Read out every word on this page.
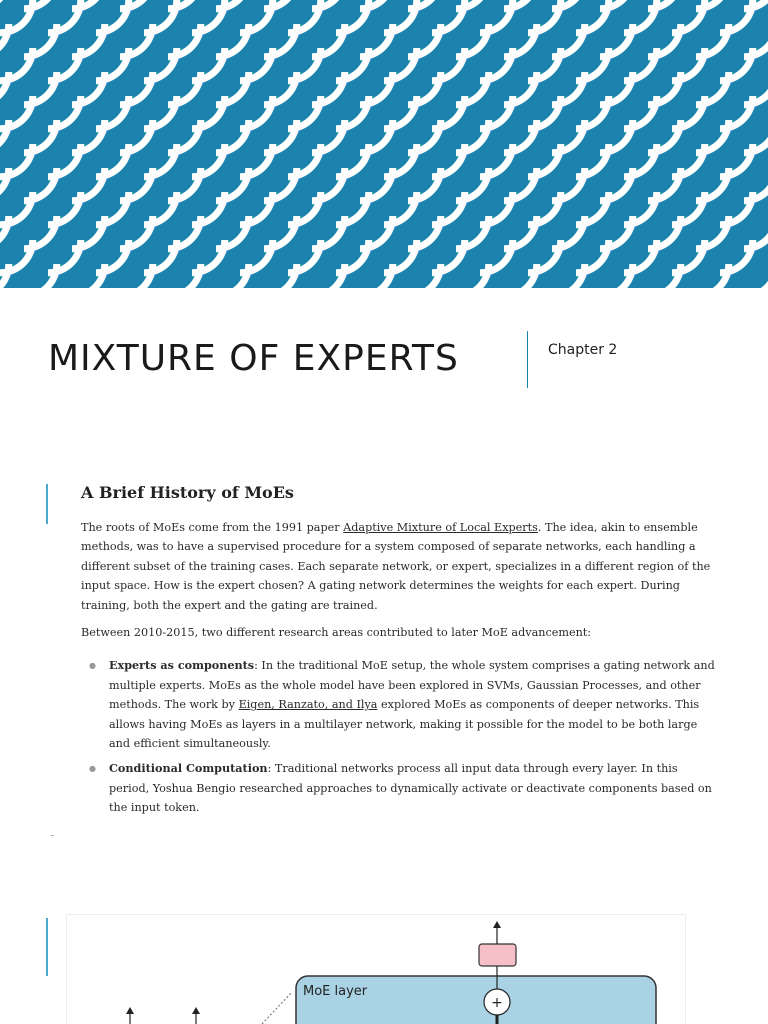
MIXTURE OF EXPERTS	Chapter 2
A Brief History of MoEs

The roots of MoEs come from the 1991 paper Adaptive Mixture of Local Experts. The idea, akin to ensemble methods, was to have a supervised procedure for a system composed of separate networks, each handling a different subset of the training cases. Each separate network, or expert, specializes in a different region of the input space. How is the expert chosen? A gating network determines the weights for each expert. During training, both the expert and the gating are trained.

Between 2010-2015, two different research areas contributed to later MoE advancement:

● Experts as components: In the traditional MoE setup, the whole system comprises a gating network and multiple experts. MoEs as the whole model have been explored in SVMs, Gaussian Processes, and other methods. The work by Eigen, Ranzato, and Ilya explored MoEs as components of deeper networks. This allows having MoEs as layers in a multilayer network, making it possible for the model to be both large and efficient simultaneously.
● Conditional Computation: Traditional networks process all input data through every layer. In this period, Yoshua Bengio researched approaches to dynamically activate or deactivate components based on the input token.
+
MoE layer
